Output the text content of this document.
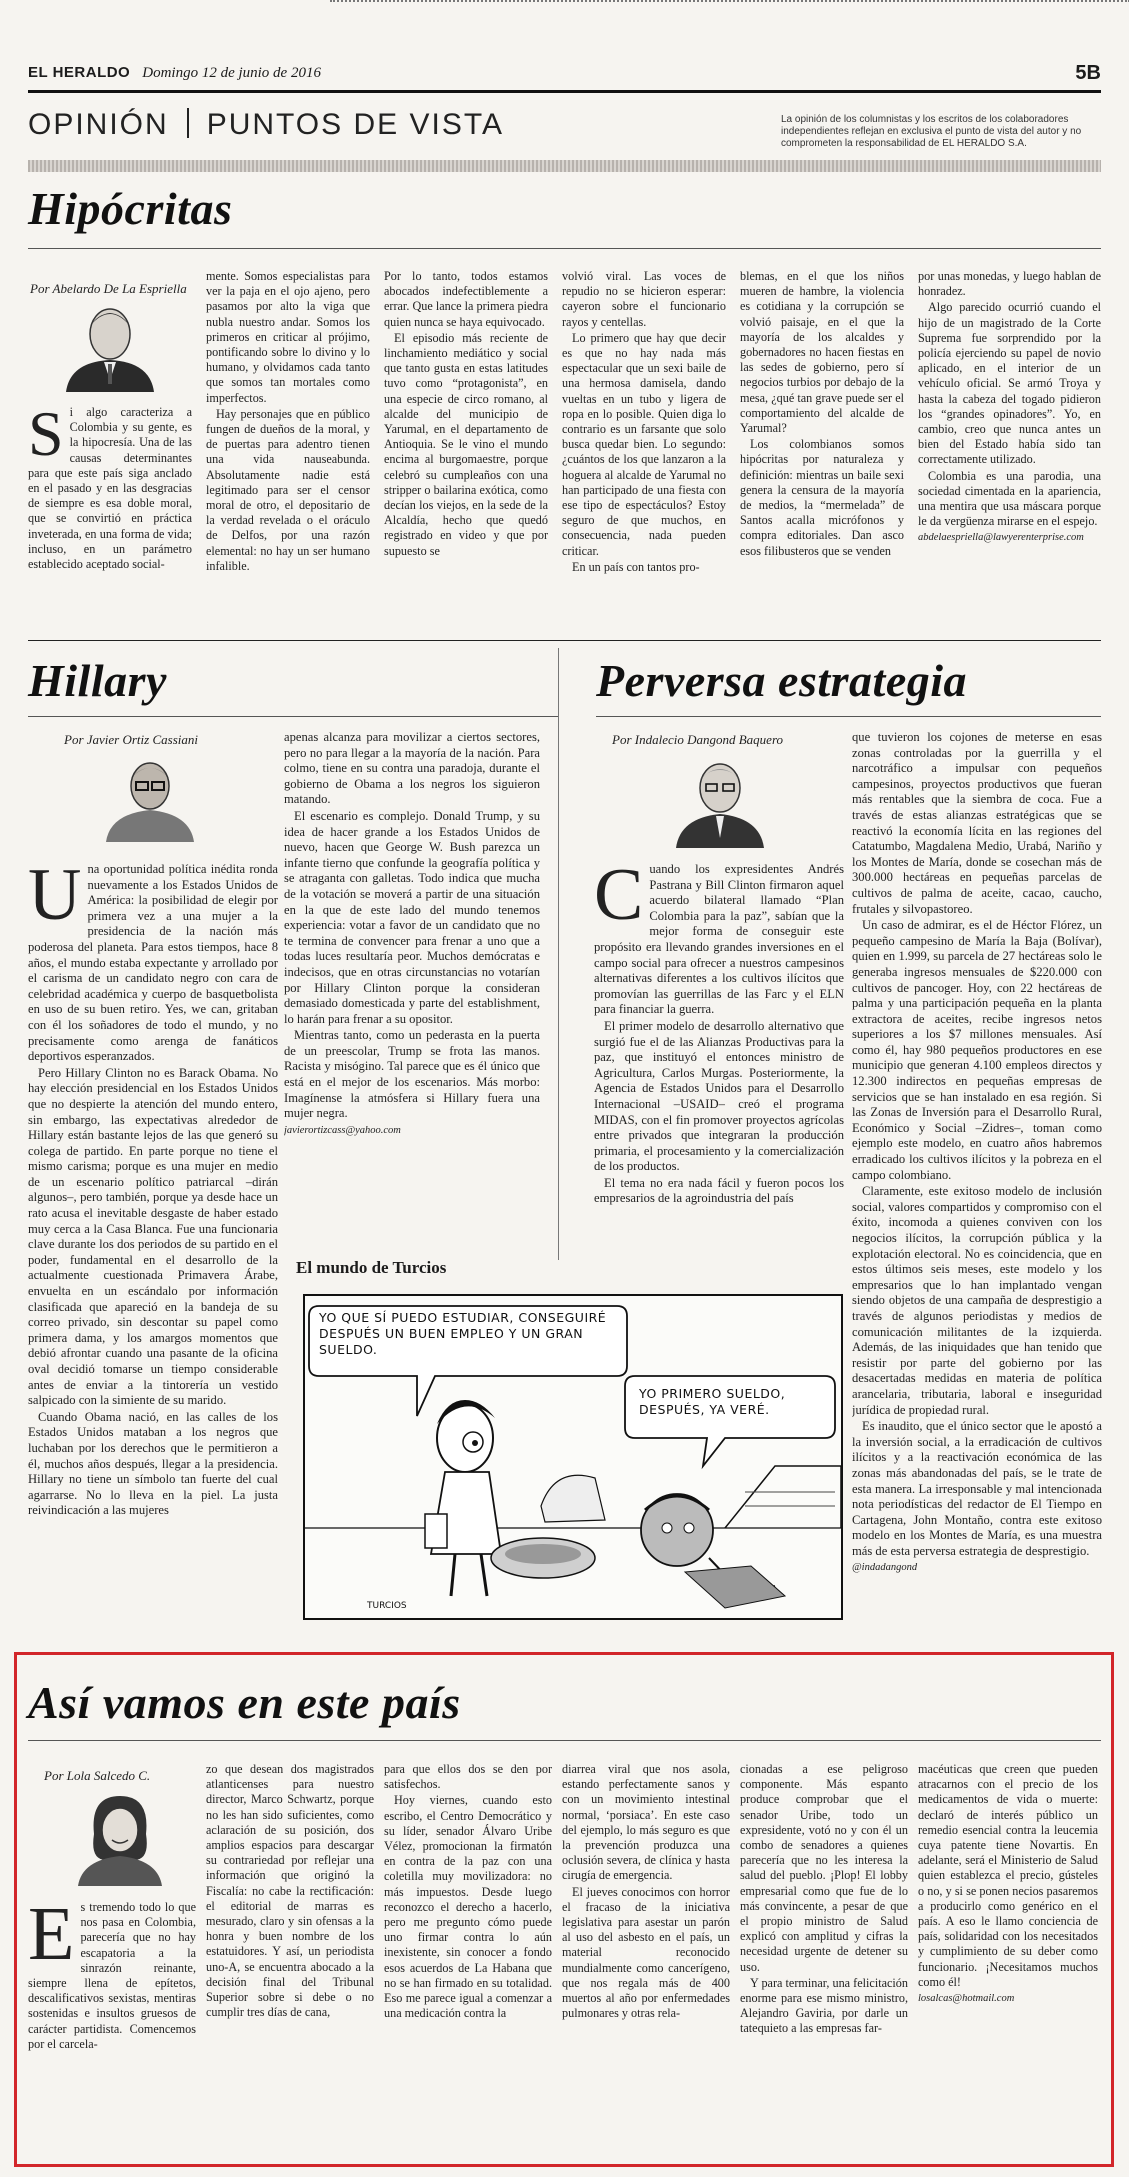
EL HERALDO Domingo 12 de junio de 2016	5B
OPINIÓN PUNTOS DE VISTA	La opinión de los columnistas y los escritos de los colaboradores independientes reflejan en exclusiva el punto de vista del autor y no comprometen la responsabilidad de EL HERALDO S.A.
Hipócritas
Por Abelardo De La Espriella

Si algo caracteriza a Colombia y su gente, es la hipocresía. Una de las causas determinantes para que este país siga anclado en el pasado y en las desgracias de siempre es esa doble moral, que se convirtió en práctica inveterada, en una forma de vida; incluso, en un parámetro establecido aceptado social-

mente. Somos especialistas para ver la paja en el ojo ajeno, pero pasamos por alto la viga que nubla nuestro andar. Somos los primeros en criticar al prójimo, pontificando sobre lo divino y lo humano, y olvidamos cada tanto que somos tan mortales como imperfectos.

Hay personajes que en público fungen de dueños de la moral, y de puertas para adentro tienen una vida nauseabunda. Absolutamente nadie está legitimado para ser el censor moral de otro, el depositario de la verdad revelada o el oráculo de Delfos, por una razón elemental: no hay un ser humano infalible.

Por lo tanto, todos estamos abocados indefectiblemente a errar. Que lance la primera piedra quien nunca se haya equivocado.

El episodio más reciente de linchamiento mediático y social que tanto gusta en estas latitudes tuvo como “protagonista”, en una especie de circo romano, al alcalde del municipio de Yarumal, en el departamento de Antioquia. Se le vino el mundo encima al burgomaestre, porque celebró su cumpleaños con una stripper o bailarina exótica, como decían los viejos, en la sede de la Alcaldía, hecho que quedó registrado en video y que por supuesto se

volvió viral. Las voces de repudio no se hicieron esperar: cayeron sobre el funcionario rayos y centellas.

Lo primero que hay que decir es que no hay nada más espectacular que un sexi baile de una hermosa damisela, dando vueltas en un tubo y ligera de ropa en lo posible. Quien diga lo contrario es un farsante que solo busca quedar bien. Lo segundo: ¿cuántos de los que lanzaron a la hoguera al alcalde de Yarumal no han participado de una fiesta con ese tipo de espectáculos? Estoy seguro de que muchos, en consecuencia, nada pueden criticar.

En un país con tantos pro-

blemas, en el que los niños mueren de hambre, la violencia es cotidiana y la corrupción se volvió paisaje, en el que la mayoría de los alcaldes y gobernadores no hacen fiestas en las sedes de gobierno, pero sí negocios turbios por debajo de la mesa, ¿qué tan grave puede ser el comportamiento del alcalde de Yarumal?

Los colombianos somos hipócritas por naturaleza y definición: mientras un baile sexi genera la censura de la mayoría de medios, la “mermelada” de Santos acalla micrófonos y compra editoriales. Dan asco esos filibusteros que se venden

por unas monedas, y luego hablan de honradez.

Algo parecido ocurrió cuando el hijo de un magistrado de la Corte Suprema fue sorprendido por la policía ejerciendo su papel de novio aplicado, en el interior de un vehículo oficial. Se armó Troya y hasta la cabeza del togado pidieron los “grandes opinadores”. Yo, en cambio, creo que nunca antes un bien del Estado había sido tan correctamente utilizado.

Colombia es una parodia, una sociedad cimentada en la apariencia, una mentira que usa máscara porque le da vergüenza mirarse en el espejo.

abdelaespriella@lawyerenterprise.com
Hillary
Por Javier Ortiz Cassiani

Una oportunidad política inédita ronda nuevamente a los Estados Unidos de América: la posibilidad de elegir por primera vez a una mujer a la presidencia de la nación más poderosa del planeta. Para estos tiempos, hace 8 años, el mundo estaba expectante y arrollado por el carisma de un candidato negro con cara de celebridad académica y cuerpo de basquetbolista en uso de su buen retiro. Yes, we can, gritaban con él los soñadores de todo el mundo, y no precisamente como arenga de fanáticos deportivos esperanzados.

Pero Hillary Clinton no es Barack Obama. No hay elección presidencial en los Estados Unidos que no despierte la atención del mundo entero, sin embargo, las expectativas alrededor de Hillary están bastante lejos de las que generó su colega de partido. En parte porque no tiene el mismo carisma; porque es una mujer en medio de un escenario político patriarcal –dirán algunos–, pero también, porque ya desde hace un rato acusa el inevitable desgaste de haber estado muy cerca a la Casa Blanca. Fue una funcionaria clave durante los dos periodos de su partido en el poder, fundamental en el desarrollo de la actualmente cuestionada Primavera Árabe, envuelta en un escándalo por información clasificada que apareció en la bandeja de su correo privado, sin descontar su papel como primera dama, y los amargos momentos que debió afrontar cuando una pasante de la oficina oval decidió tomarse un tiempo considerable antes de enviar a la tintorería un vestido salpicado con la simiente de su marido.

Cuando Obama nació, en las calles de los Estados Unidos mataban a los negros que luchaban por los derechos que le permitieron a él, muchos años después, llegar a la presidencia. Hillary no tiene un símbolo tan fuerte del cual agarrarse. No lo lleva en la piel. La justa reivindicación a las mujeres

apenas alcanza para movilizar a ciertos sectores, pero no para llegar a la mayoría de la nación. Para colmo, tiene en su contra una paradoja, durante el gobierno de Obama a los negros los siguieron matando.

El escenario es complejo. Donald Trump, y su idea de hacer grande a los Estados Unidos de nuevo, hacen que George W. Bush parezca un infante tierno que confunde la geografía política y se atraganta con galletas. Todo indica que mucha de la votación se moverá a partir de una situación en la que de este lado del mundo tenemos experiencia: votar a favor de un candidato que no te termina de convencer para frenar a uno que a todas luces resultaría peor. Muchos demócratas e indecisos, que en otras circunstancias no votarían por Hillary Clinton porque la consideran demasiado domesticada y parte del establishment, lo harán para frenar a su opositor.

Mientras tanto, como un pederasta en la puerta de un preescolar, Trump se frota las manos. Racista y misógino. Tal parece que es él único que está en el mejor de los escenarios. Más morbo: Imagínense la atmósfera si Hillary fuera una mujer negra.

javierortizcass@yahoo.com
Perversa estrategia
Por Indalecio Dangond Baquero

Cuando los expresidentes Andrés Pastrana y Bill Clinton firmaron aquel acuerdo bilateral llamado “Plan Colombia para la paz”, sabían que la mejor forma de conseguir este propósito era llevando grandes inversiones en el campo social para ofrecer a nuestros campesinos alternativas diferentes a los cultivos ilícitos que promovían las guerrillas de las Farc y el ELN para financiar la guerra.

El primer modelo de desarrollo alternativo que surgió fue el de las Alianzas Productivas para la paz, que instituyó el entonces ministro de Agricultura, Carlos Murgas. Posteriormente, la Agencia de Estados Unidos para el Desarrollo Internacional –USAID– creó el programa MIDAS, con el fin promover proyectos agrícolas entre privados que integraran la producción primaria, el procesamiento y la comercialización de los productos.

El tema no era nada fácil y fueron pocos los empresarios de la agroindustria del país

que tuvieron los cojones de meterse en esas zonas controladas por la guerrilla y el narcotráfico a impulsar con pequeños campesinos, proyectos productivos que fueran más rentables que la siembra de coca. Fue a través de estas alianzas estratégicas que se reactivó la economía lícita en las regiones del Catatumbo, Magdalena Medio, Urabá, Nariño y los Montes de María, donde se cosechan más de 300.000 hectáreas en pequeñas parcelas de cultivos de palma de aceite, cacao, caucho, frutales y silvopastoreo.

Un caso de admirar, es el de Héctor Flórez, un pequeño campesino de María la Baja (Bolívar), quien en 1.999, su parcela de 27 hectáreas solo le generaba ingresos mensuales de $220.000 con cultivos de pancoger. Hoy, con 22 hectáreas de palma y una participación pequeña en la planta extractora de aceites, recibe ingresos netos superiores a los $7 millones mensuales. Así como él, hay 980 pequeños productores en ese municipio que generan 4.100 empleos directos y 12.300 indirectos en pequeñas empresas de servicios que se han instalado en esa región. Si las Zonas de Inversión para el Desarrollo Rural, Económico y Social –Zidres–, toman como ejemplo este modelo, en cuatro años habremos erradicado los cultivos ilícitos y la pobreza en el campo colombiano.

Claramente, este exitoso modelo de inclusión social, valores compartidos y compromiso con el éxito, incomoda a quienes conviven con los negocios ilícitos, la corrupción pública y la explotación electoral. No es coincidencia, que en estos últimos seis meses, este modelo y los empresarios que lo han implantado vengan siendo objetos de una campaña de desprestigio a través de algunos periodistas y medios de comunicación militantes de la izquierda. Además, de las iniquidades que han tenido que resistir por parte del gobierno por las desacertadas medidas en materia de política arancelaria, tributaria, laboral e inseguridad jurídica de propiedad rural.

Es inaudito, que el único sector que le apostó a la inversión social, a la erradicación de cultivos ilícitos y a la reactivación económica de las zonas más abandonadas del país, se le trate de esta manera. La irresponsable y mal intencionada nota periodísticas del redactor de El Tiempo en Cartagena, John Montaño, contra este exitoso modelo en los Montes de María, es una muestra más de esta perversa estrategia de desprestigio.

@indadangond
El mundo de Turcios
TURCIOS
YO QUE SÍ PUEDO ESTUDIAR, CONSEGUIRÉ DESPUÉS UN BUEN EMPLEO Y UN GRAN SUELDO.
YO PRIMERO SUELDO, DESPUÉS, YA VERÉ.
Así vamos en este país
Por Lola Salcedo C.

Es tremendo todo lo que nos pasa en Colombia, parecería que no hay escapatoria a la sinrazón reinante, siempre llena de epítetos, descalificativos sexistas, mentiras sostenidas e insultos gruesos de carácter partidista. Comencemos por el carcela-

zo que desean dos magistrados atlanticenses para nuestro director, Marco Schwartz, porque no les han sido suficientes, como aclaración de su posición, dos amplios espacios para descargar su contrariedad por reflejar una información que originó la Fiscalía: no cabe la rectificación: el editorial de marras es mesurado, claro y sin ofensas a la honra y buen nombre de los estatuidores. Y así, un periodista uno-A, se encuentra abocado a la decisión final del Tribunal Superior sobre si debe o no cumplir tres días de cana,

para que ellos dos se den por satisfechos.

Hoy viernes, cuando esto escribo, el Centro Democrático y su líder, senador Álvaro Uribe Vélez, promocionan la firmatón en contra de la paz con una coletilla muy movilizadora: no más impuestos. Desde luego reconozco el derecho a hacerlo, pero me pregunto cómo puede uno firmar contra lo aún inexistente, sin conocer a fondo esos acuerdos de La Habana que no se han firmado en su totalidad. Eso me parece igual a comenzar a una medicación contra la

diarrea viral que nos asola, estando perfectamente sanos y con un movimiento intestinal normal, ‘porsiaca’. En este caso del ejemplo, lo más seguro es que la prevención produzca una oclusión severa, de clínica y hasta cirugía de emergencia.

El jueves conocimos con horror el fracaso de la iniciativa legislativa para asestar un parón al uso del asbesto en el país, un material reconocido mundialmente como cancerígeno, que nos regala más de 400 muertos al año por enfermedades pulmonares y otras rela-

cionadas a ese peligroso componente. Más espanto produce comprobar que el senador Uribe, todo un expresidente, votó no y con él un combo de senadores a quienes parecería que no les interesa la salud del pueblo. ¡Plop! El lobby empresarial como que fue de lo más convincente, a pesar de que el propio ministro de Salud explicó con amplitud y cifras la necesidad urgente de detener su uso.

Y para terminar, una felicitación enorme para ese mismo ministro, Alejandro Gaviria, por darle un tatequieto a las empresas far-

macéuticas que creen que pueden atracarnos con el precio de los medicamentos de vida o muerte: declaró de interés público un remedio esencial contra la leucemia cuya patente tiene Novartis. En adelante, será el Ministerio de Salud quien establezca el precio, gústeles o no, y si se ponen necios pasaremos a producirlo como genérico en el país. A eso le llamo conciencia de país, solidaridad con los necesitados y cumplimiento de su deber como funcionario. ¡Necesitamos muchos como él!

losalcas@hotmail.com
